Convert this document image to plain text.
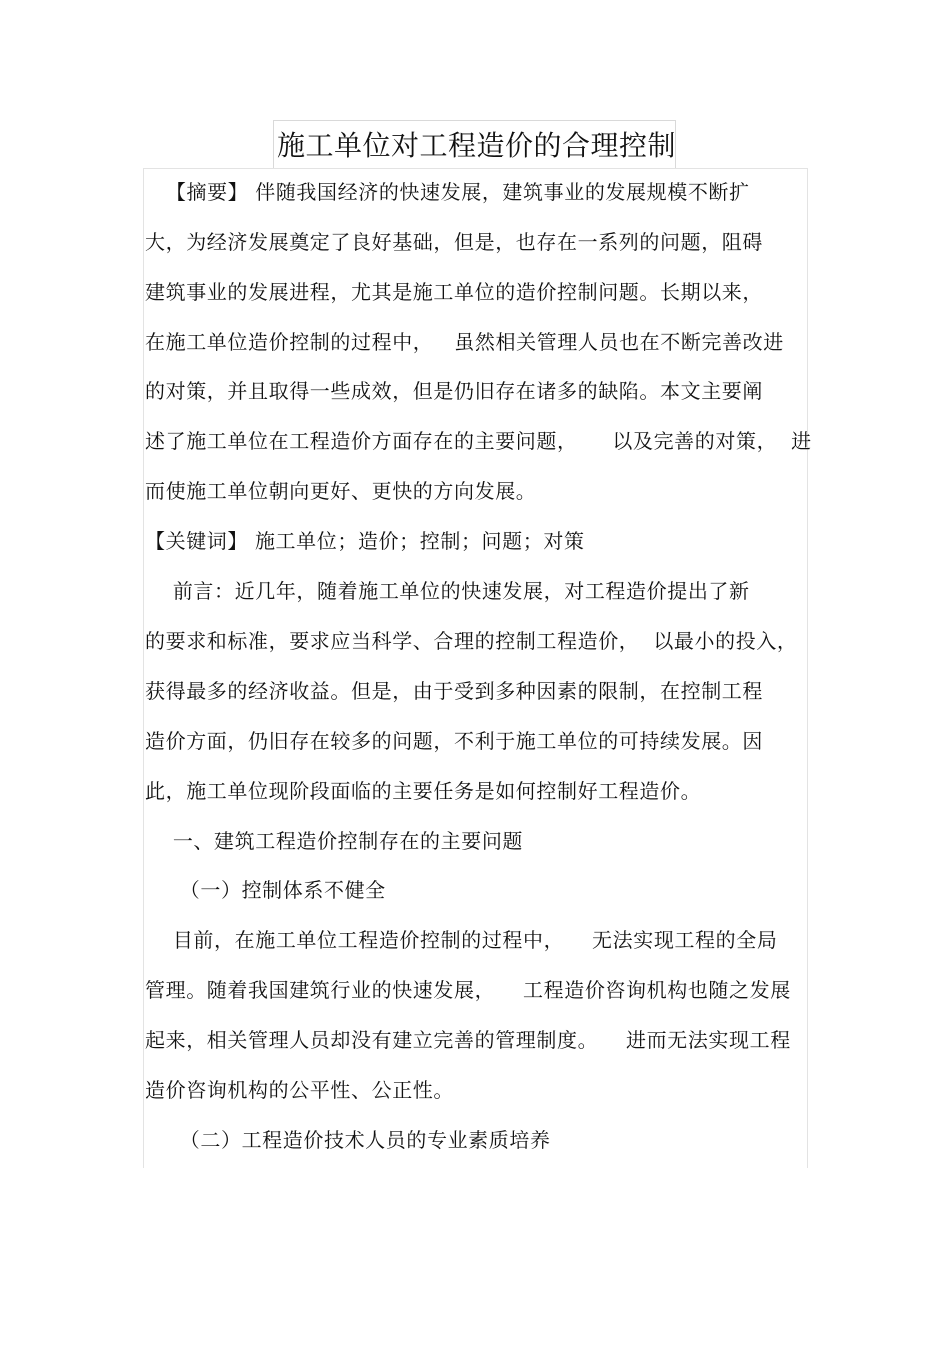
施工单位对工程造价的合理控制
【摘要】 伴随我国经济的快速发展，建筑事业的发展规模不断扩
大，为经济发展奠定了良好基础，但是，也存在一系列的问题，阻碍
建筑事业的发展进程，尤其是施工单位的造价控制问题。长期以来，
在施工单位造价控制的过程中，   虽然相关管理人员也在不断完善改进
的对策，并且取得一些成效，但是仍旧存在诸多的缺陷。本文主要阐
述了施工单位在工程造价方面存在的主要问题，     以及完善的对策，  进
而使施工单位朝向更好、更快的方向发展。
【关键词】 施工单位；造价；控制；问题；对策
前言：近几年，随着施工单位的快速发展，对工程造价提出了新
的要求和标准，要求应当科学、合理的控制工程造价，  以最小的投入，
获得最多的经济收益。但是，由于受到多种因素的限制，在控制工程
造价方面，仍旧存在较多的问题，不利于施工单位的可持续发展。因
此，施工单位现阶段面临的主要任务是如何控制好工程造价。
一、建筑工程造价控制存在的主要问题
（一）控制体系不健全
目前，在施工单位工程造价控制的过程中，    无法实现工程的全局
管理。随着我国建筑行业的快速发展，    工程造价咨询机构也随之发展
起来，相关管理人员却没有建立完善的管理制度。    进而无法实现工程
造价咨询机构的公平性、公正性。
（二）工程造价技术人员的专业素质培养
